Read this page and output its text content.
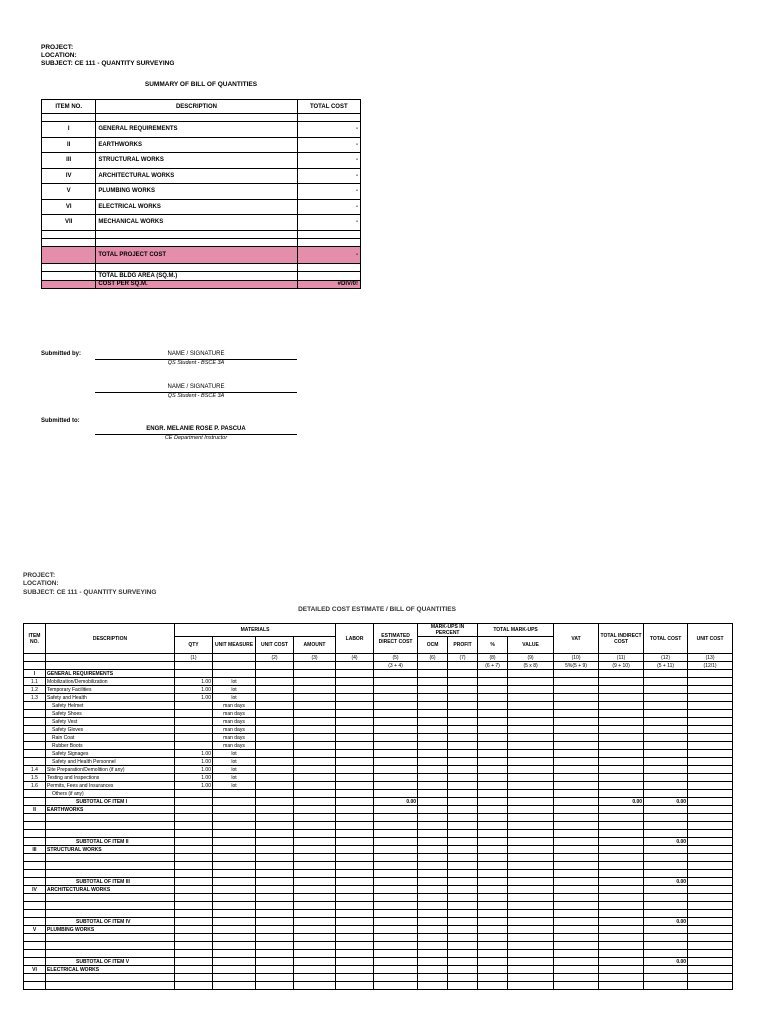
PROJECT:
LOCATION:
SUBJECT: CE 111 - QUANTITY SURVEYING
SUMMARY OF BILL OF QUANTITIES
ITEM NO.	DESCRIPTION	TOTAL COST

I	GENERAL REQUIREMENTS	-
II	EARTHWORKS	-
III	STRUCTURAL WORKS	-
IV	ARCHITECTURAL WORKS	-
V	PLUMBING WORKS	-
VI	ELECTRICAL WORKS	-
VII	MECHANICAL WORKS	-

	TOTAL PROJECT COST	-

	TOTAL BLDG AREA (SQ.M.)	
	COST PER SQ.M.	#DIV/0!
Submitted by:	NAME / SIGNATURE
QS Student - BSCE 3A
NAME / SIGNATURE
QS Student - BSCE 3A
Submitted to:
ENGR. MELANIE ROSE P. PASCUA
CE Department Instructor
PROJECT:
LOCATION:
SUBJECT: CE 111 - QUANTITY SURVEYING
DETAILED COST ESTIMATE / BILL OF QUANTITIES
ITEM NO.	DESCRIPTION	MATERIALS				LABOR	ESTIMATED DIRECT COST	MARK-UPS IN PERCENT		TOTAL MARK-UPS		VAT	TOTAL INDIRECT COST	TOTAL COST	UNIT COST
		QTY	UNIT MEASURE	UNIT COST	AMOUNT			OCM	PROFIT	%	VALUE				
		(1)		(2)	(3)	(4)	(5)	(6)	(7)	(8)	(9)	(10)	(11)	(12)	(13)
							(3 + 4)			(6 + 7)	(5 x 8)	5%(5 + 9)	(9 + 10)	(5 + 11)	(12/1)
I	GENERAL REQUIREMENTS														
1.1	Mobilization/Demobilization	1.00	lot												
1.2	Temporary Facilities	1.00	lot												
1.3	Safety and Health	1.00	lot												
	Safety Helmet		man days												
	Safety Shoes		man days												
	Safety Vest		man days												
	Safety Gloves		man days												
	Rain Coat		man days												
	Rubber Boots		man days												
	Safety Signages	1.00	lot												
	Safety and Health Personnel	1.00	lot												
1.4	Site Preparation/Demolition (if any)	1.00	lot												
1.5	Testing and Inspections	1.00	lot												
1.6	Permits, Fees and Insurances	1.00	lot												
	Others (if any)														
	SUBTOTAL OF ITEM I						0.00						0.00	0.00	
II	EARTHWORKS														

	SUBTOTAL OF ITEM II													0.00	
III	STRUCTURAL WORKS														

	SUBTOTAL OF ITEM III													0.00	
IV	ARCHITECTURAL WORKS														

	SUBTOTAL OF ITEM IV													0.00	
V	PLUMBING WORKS														

	SUBTOTAL OF ITEM V													0.00	
VI	ELECTRICAL WORKS														
